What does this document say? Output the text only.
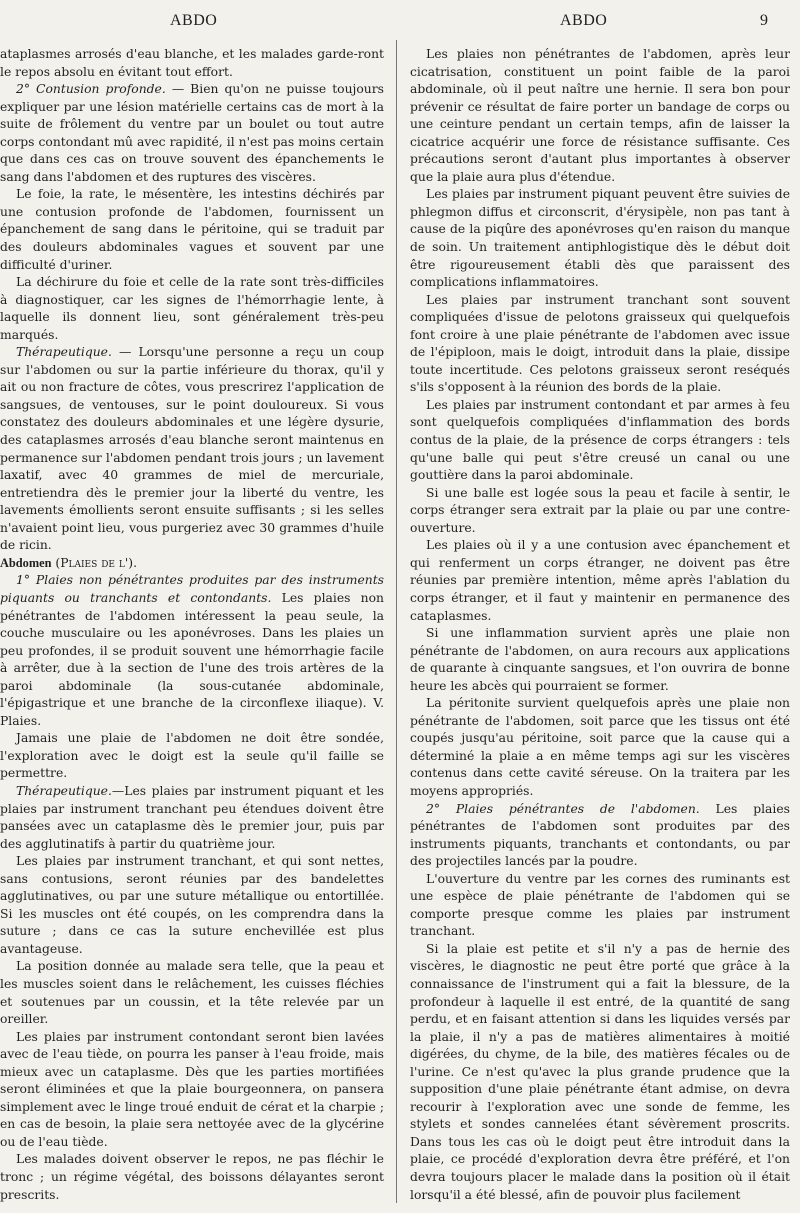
ABDO	ABDO	9

ataplasmes arrosés d'eau blanche, et les malades garde-ront le repos absolu en évitant tout effort.

2° Contusion profonde. — Bien qu'on ne puisse toujours expliquer par une lésion matérielle certains cas de mort à la suite de frôlement du ventre par un boulet ou tout autre corps contondant mû avec rapidité, il n'est pas moins certain que dans ces cas on trouve souvent des épanchements le sang dans l'abdomen et des ruptures des viscères.

Le foie, la rate, le mésentère, les intestins déchirés par une contusion profonde de l'abdomen, fournissent un épanchement de sang dans le péritoine, qui se traduit par des douleurs abdominales vagues et souvent par une difficulté d'uriner.

La déchirure du foie et celle de la rate sont très-difficiles à diagnostiquer, car les signes de l'hémorrhagie lente, à laquelle ils donnent lieu, sont généralement très-peu marqués.

Thérapeutique. — Lorsqu'une personne a reçu un coup sur l'abdomen ou sur la partie inférieure du thorax, qu'il y ait ou non fracture de côtes, vous prescrirez l'application de sangsues, de ventouses, sur le point douloureux. Si vous constatez des douleurs abdominales et une légère dysurie, des cataplasmes arrosés d'eau blanche seront maintenus en permanence sur l'abdomen pendant trois jours ; un lavement laxatif, avec 40 grammes de miel de mercuriale, entretiendra dès le premier jour la liberté du ventre, les lavements émollients seront ensuite suffisants ; si les selles n'avaient point lieu, vous purgeriez avec 30 grammes d'huile de ricin.

Abdomen (Plaies de l').

1° Plaies non pénétrantes produites par des instruments piquants ou tranchants et contondants. Les plaies non pénétrantes de l'abdomen intéressent la peau seule, la couche musculaire ou les aponévroses. Dans les plaies un peu profondes, il se produit souvent une hémorrhagie facile à arrêter, due à la section de l'une des trois artères de la paroi abdominale (la sous-cutanée abdominale, l'épigastrique et une branche de la circonflexe iliaque). V. Plaies.

Jamais une plaie de l'abdomen ne doit être sondée, l'exploration avec le doigt est la seule qu'il faille se permettre.

Thérapeutique.—Les plaies par instrument piquant et les plaies par instrument tranchant peu étendues doivent être pansées avec un cataplasme dès le premier jour, puis par des agglutinatifs à partir du quatrième jour.

Les plaies par instrument tranchant, et qui sont nettes, sans contusions, seront réunies par des bandelettes agglutinatives, ou par une suture métallique ou entortillée. Si les muscles ont été coupés, on les comprendra dans la suture ; dans ce cas la suture enchevillée est plus avantageuse.

La position donnée au malade sera telle, que la peau et les muscles soient dans le relâchement, les cuisses fléchies et soutenues par un coussin, et la tête relevée par un oreiller.

Les plaies par instrument contondant seront bien lavées avec de l'eau tiède, on pourra les panser à l'eau froide, mais mieux avec un cataplasme. Dès que les parties mortifiées seront éliminées et que la plaie bourgeonnera, on pansera simplement avec le linge troué enduit de cérat et la charpie ; en cas de besoin, la plaie sera nettoyée avec de la glycérine ou de l'eau tiède.

Les malades doivent observer le repos, ne pas fléchir le tronc ; un régime végétal, des boissons délayantes seront prescrits.

Les plaies non pénétrantes de l'abdomen, après leur cicatrisation, constituent un point faible de la paroi abdominale, où il peut naître une hernie. Il sera bon pour prévenir ce résultat de faire porter un bandage de corps ou une ceinture pendant un certain temps, afin de laisser la cicatrice acquérir une force de résistance suffisante. Ces précautions seront d'autant plus importantes à observer que la plaie aura plus d'étendue.

Les plaies par instrument piquant peuvent être suivies de phlegmon diffus et circonscrit, d'érysipèle, non pas tant à cause de la piqûre des aponévroses qu'en raison du manque de soin. Un traitement antiphlogistique dès le début doit être rigoureusement établi dès que paraissent des complications inflammatoires.

Les plaies par instrument tranchant sont souvent compliquées d'issue de pelotons graisseux qui quelquefois font croire à une plaie pénétrante de l'abdomen avec issue de l'épiploon, mais le doigt, introduit dans la plaie, dissipe toute incertitude. Ces pelotons graisseux seront reséqués s'ils s'opposent à la réunion des bords de la plaie.

Les plaies par instrument contondant et par armes à feu sont quelquefois compliquées d'inflammation des bords contus de la plaie, de la présence de corps étrangers : tels qu'une balle qui peut s'être creusé un canal ou une gouttière dans la paroi abdominale.

Si une balle est logée sous la peau et facile à sentir, le corps étranger sera extrait par la plaie ou par une contre-ouverture.

Les plaies où il y a une contusion avec épanchement et qui renferment un corps étranger, ne doivent pas être réunies par première intention, même après l'ablation du corps étranger, et il faut y maintenir en permanence des cataplasmes.

Si une inflammation survient après une plaie non pénétrante de l'abdomen, on aura recours aux applications de quarante à cinquante sangsues, et l'on ouvrira de bonne heure les abcès qui pourraient se former.

La péritonite survient quelquefois après une plaie non pénétrante de l'abdomen, soit parce que les tissus ont été coupés jusqu'au péritoine, soit parce que la cause qui a déterminé la plaie a en même temps agi sur les viscères contenus dans cette cavité séreuse. On la traitera par les moyens appropriés.

2° Plaies pénétrantes de l'abdomen. Les plaies pénétrantes de l'abdomen sont produites par des instruments piquants, tranchants et contondants, ou par des projectiles lancés par la poudre.

L'ouverture du ventre par les cornes des ruminants est une espèce de plaie pénétrante de l'abdomen qui se comporte presque comme les plaies par instrument tranchant.

Si la plaie est petite et s'il n'y a pas de hernie des viscères, le diagnostic ne peut être porté que grâce à la connaissance de l'instrument qui a fait la blessure, de la profondeur à laquelle il est entré, de la quantité de sang perdu, et en faisant attention si dans les liquides versés par la plaie, il n'y a pas de matières alimentaires à moitié digérées, du chyme, de la bile, des matières fécales ou de l'urine. Ce n'est qu'avec la plus grande prudence que la supposition d'une plaie pénétrante étant admise, on devra recourir à l'exploration avec une sonde de femme, les stylets et sondes cannelées étant sévèrement proscrits. Dans tous les cas où le doigt peut être introduit dans la plaie, ce procédé d'exploration devra être préféré, et l'on devra toujours placer le malade dans la position où il était lorsqu'il a été blessé, afin de pouvoir plus facilement
